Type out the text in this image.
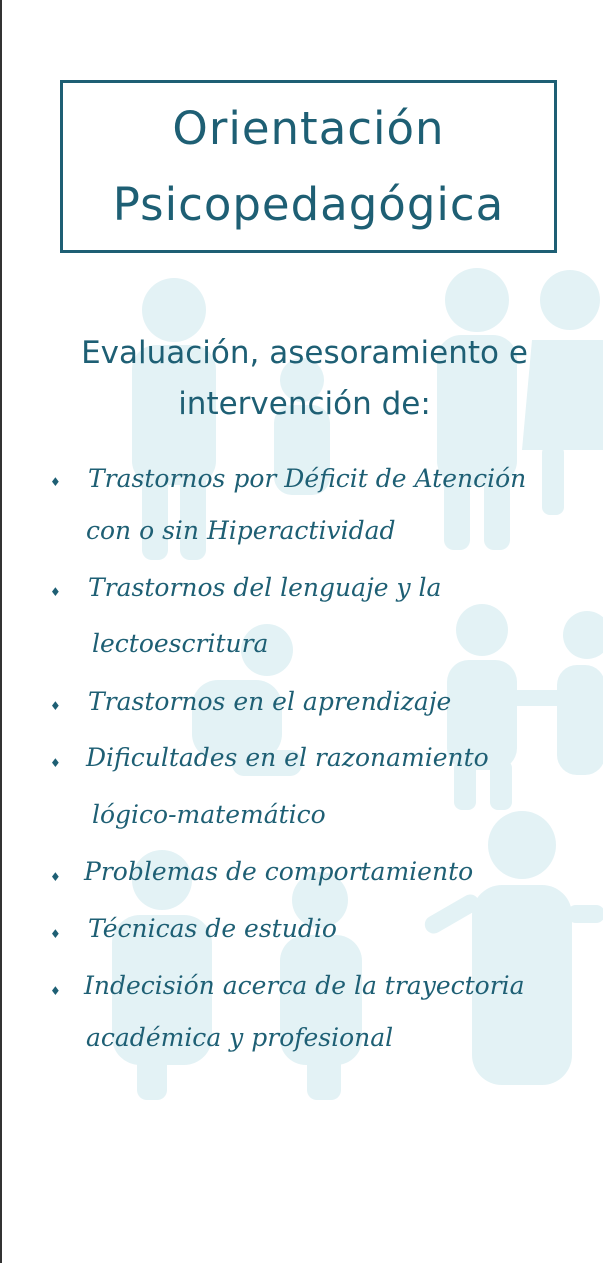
Orientación
Psicopedagógica
Evaluación, asesoramiento e
intervención de:
♦ Trastornos por Déficit de Atención
con o sin Hiperactividad
♦ Trastornos del lenguaje y la
lectoescritura
♦ Trastornos en el aprendizaje
♦ Dificultades en el razonamiento
lógico-matemático
♦ Problemas de comportamiento
♦ Técnicas de estudio
♦ Indecisión acerca de la trayectoria
académica y profesional
